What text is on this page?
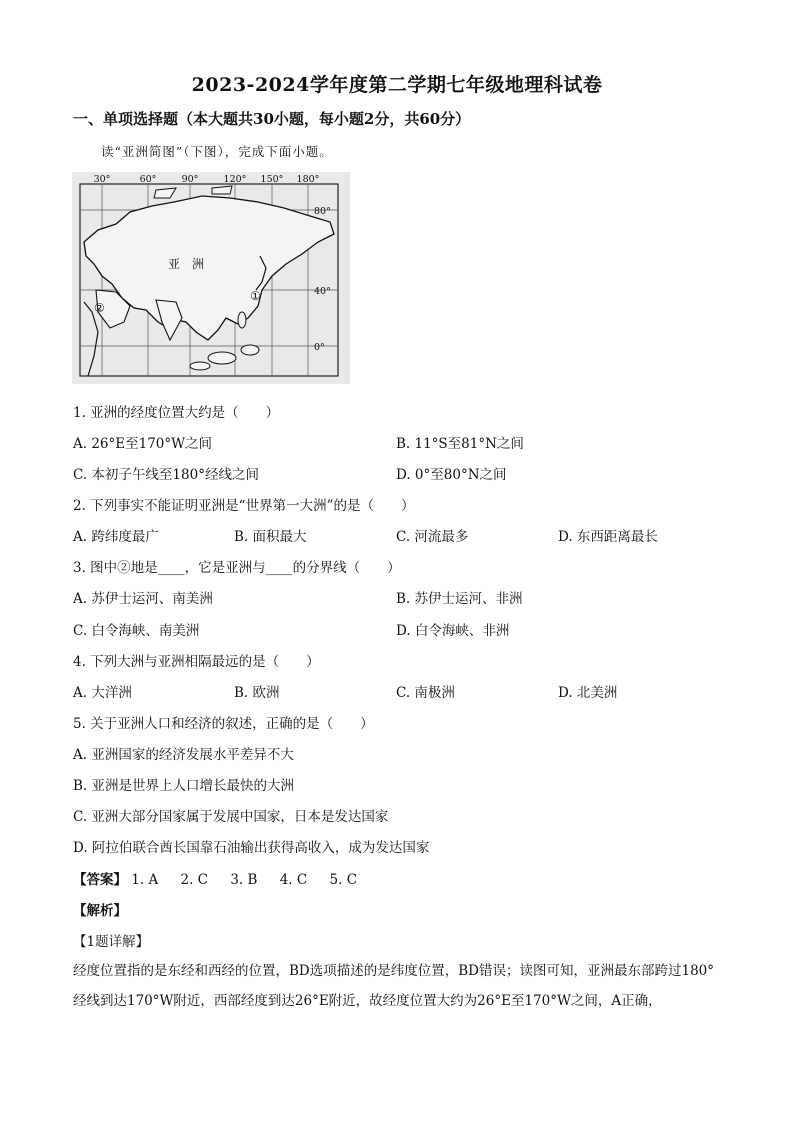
2023-2024学年度第二学期七年级地理科试卷
一、单项选择题（本大题共30小题，每小题2分，共60分）
读“亚洲简图”（下图），完成下面小题。
30°	60°	90°	120° 150° 180°
80°
40°
0°
亚　洲
①
②
1. 亚洲的经度位置大约是（　　）
A. 26°E至170°W之间	B. 11°S至81°N之间
C. 本初子午线至180°经线之间	D. 0°至80°N之间
2. 下列事实不能证明亚洲是“世界第一大洲”的是（　　）
A. 跨纬度最广	B. 面积最大	C. 河流最多	D. 东西距离最长
3. 图中②地是____，它是亚洲与____的分界线（　　）
A. 苏伊士运河、南美洲	B. 苏伊士运河、非洲
C. 白令海峡、南美洲	D. 白令海峡、非洲
4. 下列大洲与亚洲相隔最远的是（　　）
A. 大洋洲	B. 欧洲	C. 南极洲	D. 北美洲
5. 关于亚洲人口和经济的叙述，正确的是（　　）
A. 亚洲国家的经济发展水平差异不大
B. 亚洲是世界上人口增长最快的大洲
C. 亚洲大部分国家属于发展中国家，日本是发达国家
D. 阿拉伯联合酋长国靠石油输出获得高收入，成为发达国家
【答案】 1. A 2. C 3. B 4. C 5. C
【解析】
【1题详解】
经度位置指的是东经和西经的位置，BD选项描述的是纬度位置，BD错误；读图可知，亚洲最东部跨过180°经线到达170°W附近，西部经度到达26°E附近，故经度位置大约为26°E至170°W之间，A正确，
